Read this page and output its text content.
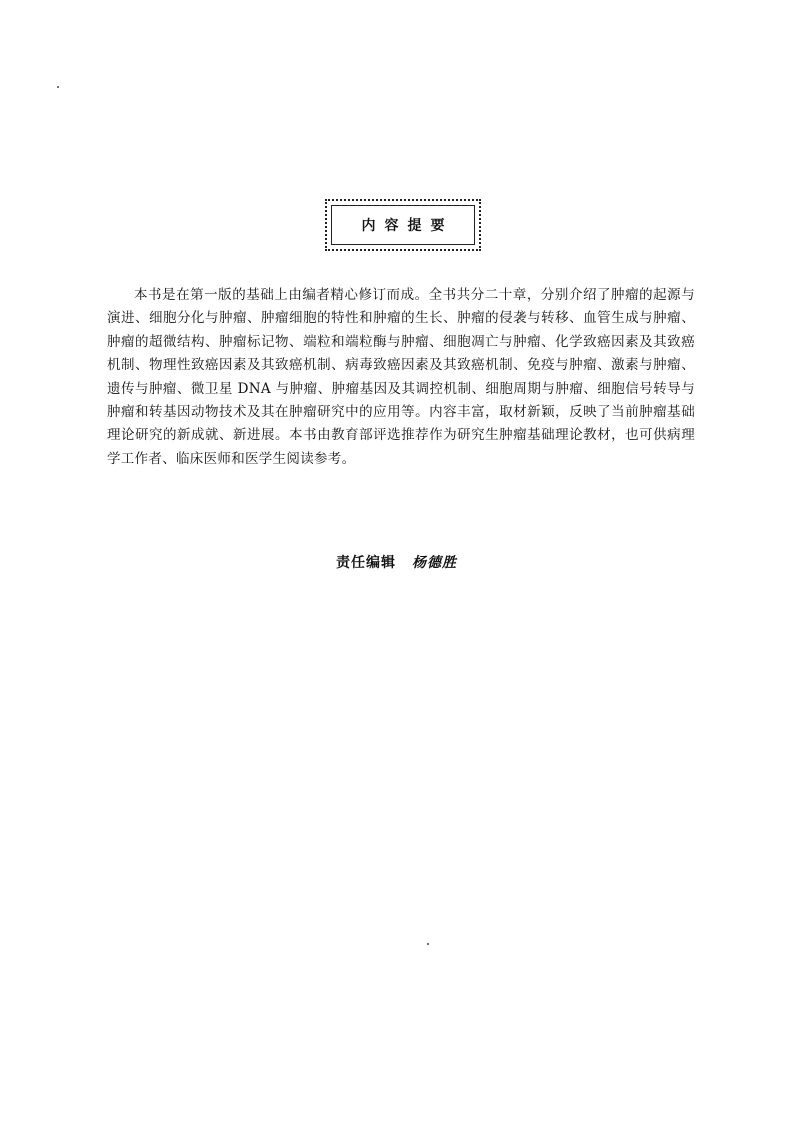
内容提要

本书是在第一版的基础上由编者精心修订而成。全书共分二十章，分别介绍了肿瘤的起源与演进、细胞分化与肿瘤、肿瘤细胞的特性和肿瘤的生长、肿瘤的侵袭与转移、血管生成与肿瘤、肿瘤的超微结构、肿瘤标记物、端粒和端粒酶与肿瘤、细胞凋亡与肿瘤、化学致癌因素及其致癌机制、物理性致癌因素及其致癌机制、病毒致癌因素及其致癌机制、免疫与肿瘤、激素与肿瘤、遗传与肿瘤、微卫星 DNA 与肿瘤、肿瘤基因及其调控机制、细胞周期与肿瘤、细胞信号转导与肿瘤和转基因动物技术及其在肿瘤研究中的应用等。内容丰富，取材新颖，反映了当前肿瘤基础理论研究的新成就、新进展。本书由教育部评选推荐作为研究生肿瘤基础理论教材，也可供病理学工作者、临床医师和医学生阅读参考。

责任编辑 杨德胜
